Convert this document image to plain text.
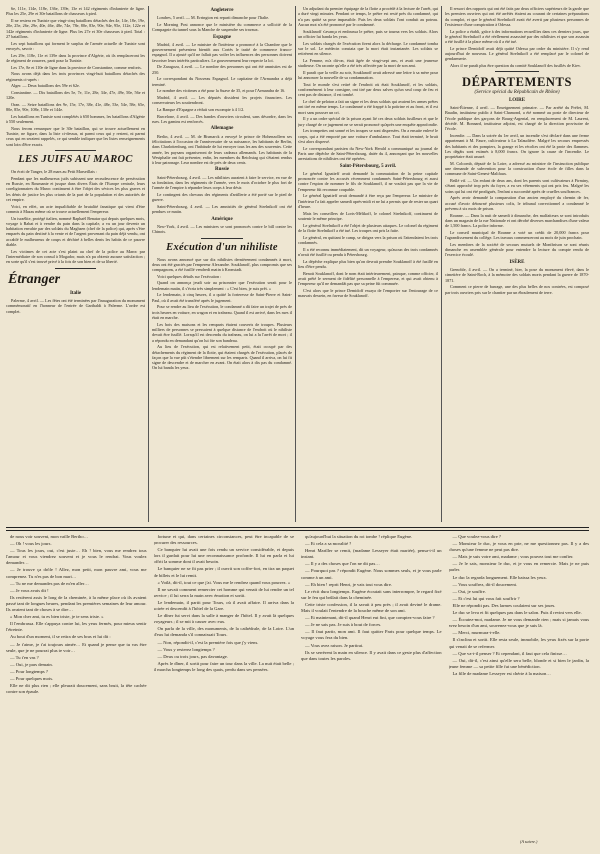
6e, 111e, 114e, 118e, 136e, 139e, 13e et 142 régiments d'infanterie de ligne. Plus les 25e, 29e et 30e bataillons de chasseurs à pied.

Il ne restera en Tunisie que vingt-cinq bataillons détachés des 4e, 14e, 18e, 19e, 20e, 25e, 26e, 29e, 40e, 46e, 48e, 74e, 78e, 80e, 83e, 90e, 94e, 95e, 112e, 122e et 142e régiments d'infanterie de ligne. Plus les 27e et 30e chasseurs à pied. Total : 27 bataillons.

Les sept bataillons qui forment le surplus de l'armée actuelle de Tunisie sont envoyés, savoir :

Les 29e, 118e, 11e et 139e dans la province d'Algérie, où ils remplaceront les 4e régiment de zouaves, parti pour la Tunisie.

Les 17e, 8e et 110e de ligne dans la province de Constantine, comme renforts.

Nous avons déjà dans les trois provinces vingt-huit bataillons détachés des régiments ci-après :

Alger. — Deux bataillons des 59e et 62e.

Constantine. — Dix bataillons des 5e, 7e, 11e, 28e, 34e, 47e, 49e, 50e, 56e et 120e.

Oran. — Seize bataillons des 9e, 15e, 17e, 38e, 41e, 48e, 53e, 54e, 58e, 65e, 80e, 85e, 90e, 108e, 130e et 144e.

Les bataillons en Tunisie sont complétés à 650 hommes, les bataillons d'Algérie à 550 seulement.

Nous ferons remarquer que le 30e bataillon, qui se trouve actuellement en Tunisie, ne figure, dans la liste ci-dessus, ni parmi ceux qui y restent, ni parmi ceux qui en seraient rappelés, ce qui semble indiquer que les listes renseignements sont loin d'être exacts.

LES JUIFS AU MAROC

On écrit de Tanger, le 28 mars au Petit Marseillais :

Pendant que les malheureux juifs subissent une recrudescence de persécution en Russie, en Roumanie et jusque dans divers États de l'Europe centrale, leurs coreligionnaires du Maroc continuent à être l'objet des sévices les plus graves et les dénis de justice les plus criants de la part de la population et des autorités de cet empire.

Voici, en effet, un acte inqualifiable de brutalité fanatique qui vient d'être commis à Mazas même où se trouve actuellement l'empereur.

Un israélite, protégé italien, nommé Raphaël Benatar qui depuis quelques mois, voyage à Rabat et à vendre du pain dans la capitale, a vu un jour devenir un habitation envahie par des soldats du Maghzen (chef de la police) qui, après s'être emparés du pain destiné à la vente et de l'argent provenant du pain déjà vendu, ont accablé le malheureux de coups et déchiré à belles dents les habits de ce pauvre diable.

Les victimes de cet acte s'est plaint au chef de la police au Maroc par l'intermédiaire de son consul à Mogador, mais n'a pu obtenir aucune satisfaction ; en sorte qu'il s'est trouvé privé à la fois de son bien et de sa liberté.

Étranger
Italie

Palerme, 4 avril. — Les fêtes ont été terminées par l'inauguration du monument commémoratif en l'honneur de l'entrée de Garibaldi à Palerme. L'ordre est complet.

Angleterre

Londres, 5 avril. — M. Errington est reparti dimanche pour l'Italie.

Le Morning Post annonce que le ministère du commerce a sollicité de la Compagnie du tunnel sous la Manche de suspendre ses travaux.

Espagne

Madrid, 4 avril. — Le ministre de l'intérieur a prononcé à la Chambre que le gouvernement présentera bientôt aux Cortès le traité de commerce franco-espagnol. Il a ajouté qu'il ne fallait pas voiler les influences des personnes doivent favoriser leurs intérêts particuliers. Le gouvernement leur respecte la loi.

De Zaragoza, 4 avril. — Le nombre des personnes qui ont été amnisties est de 250.

Le correspondant du Nouveau Espagnol. Le capitaine de l'Armandra a déjà terminé.

Le nombre des victimes a été pour la Suave de 35, et pour l'Armandra de 16.

Madrid, 4 avril. — Les députés dissident les projets financiers. Les conservateurs les soutiendront.

La Banque d'Espagne a réduit son escompte à 4 1/2.

Barcelone, 4 avril. — Des bandes d'ouvriers circulent, sans désordre, dans les rues. Les gamins est renforcés.

Allemagne

Berlin, 4 avril. — M. de Bismarck a envoyé le prince de Hohenzollern ses félicitations à l'occasion de l'anniversaire de sa naissance, les habitants de Berlin, dans Charlottenburg, ont l'habitude de lui envoyer tous les ans des souvenirs. Cette année, les paysans organiseront de leurs cadeaux allemands. Les habitants de la Westphalie ont fait présenter, enfin, les membres du Reichstag qui s'étaient rendus à leur patronage. Leur nombre est de près de deux cents.

Russie

Saint-Pétersbourg, 4 avril. — Les nihilistes auraient à faire le service, en vue de sa fondation, dans les régiments de l'armée, vers le mois d'octobre le plus fort de l'armée de l'empire à répandre leurs corps à leur désir.

Le contingent des chevaux des régiments d'artillerie a été porté sur le pied de guerre.

Saint-Pétersbourg, 4 avril. — Les amnistiés de général Strelnikoff ont été pendues ce matin.

Amérique

New-York, 4 avril. — Les ministres se sont prononcés contre le bill contre les Chinois.

Exécution d'un nihiliste

Nous avons annoncé que sur dix nihilistes dernièrement condamnés à mort, deux ont été graciés par l'empereur Alexandre. Souklanoff, plus compromis que ses compagnons, a été fusillé vendredi matin à Kronstadt.

Voici quelques détails sur l'exécution :

Quand on annonça jeudi soir au prisonnier que l'exécution serait pour le lendemain matin, il s'écria très simplement : « C'est bien, je suis prêt. »

Le lendemain, à cinq heures, il a quitté la forteresse de Saint-Pierre et Saint-Paul, où il avait été transféré après le jugement.

Pour se rendre au lieu de l'exécution, le condamné a dû faire un trajet de près de trois heures en voiture, en wagon et en traîneau. Quand il est arrivé, dans les rues il était en marche.

Les bois des maisons et les remparts étaient couverts de troupes. Plusieurs milliers de personnes se pressaient à quelque distance de l'endroit où le nihiliste devait être fusillé. Lorsqu'il est descendu du traîneau, on lui a lu l'arrêt de mort ; il a répondu en demandant qu'on lui ôte son bandeau.

Au lieu de l'exécution, qui est relativement petit, était occupé par des détachements du régiment de la flotte, qui étaient chargés de l'exécution, placés de façon que la vue pût s'étendre librement sur les remparts. Quand il arriva, on lui fit signe de descendre et de marcher en avant. On était alors à dix pas du condamné. On lui banda les yeux.

Un adjudant du premier équipage de la flotte a procédé à la lecture de l'arrêt, qui a duré vingt minutes. Pendant ce temps, le prêtre est resté près du condamné, qui n'a pas quitté sa pose impassible. Puis les deux soldats l'ont conduit au poteau. Aucun mot n'a été prononcé par le condamné.

Souklanoff s'avança et embrassa le prêtre, puis se tourna vers les soldats. Alors un officier lui banda les yeux.

Les soldats chargés de l'exécution firent alors la décharge. Le condamné tomba sur le sol. Le médecin constata que la mort était instantanée. Les soldats se retirèrent en silence.

La Femme, m'a dit-on, était âgée de vingt-sept ans, et avait une jeunesse studieuse. On raconte qu'elle a été très affectée par la mort de son ami.

Il paraît que la veille au soir, Souklanoff avait adressé une lettre à sa mère pour lui annoncer la nouvelle de sa condamnation.

Tout le monde s'est retiré de l'endroit où était Souklanoff, et les soldats, conformément à leur consigne, ont tiré par deux salves qu'un seul coup de feu et cent pas de distance, il est tombé.

Le chef de peloton a fait un signe et les deux soldats qui avaient les armes prêtes ont tiré en même temps. Le condamné a été frappé à la poitrine et au front, et il est mort sans pousser un cri.

Il y a un ordre spécial de la prison ayant lié ces deux soldats fusilleurs et que le jury chargé de ce jugement ne se serait prononcé qu'après une enquête approfondie.

Les trompettes ont sonné et les troupes se sont dispersées. On a ensuite enlevé le corps, qui a été emporté par une voiture d'ambulance. Tout était terminé, le bruit s'est alors dispersé.

Le correspondant parisien du New-York Herald a communiqué au journal de Paris une dépêche de Saint-Pétersbourg, datée du 4, annonçant que les nouvelles arrestations de nihilistes ont été opérées.

Saint-Pétersbourg, 5 avril.

Le général Ignatieff avait demandé la commutation de la peine capitale prononcée contre les accusés récemment condamnés Saint-Pétersbourg et aussi contre l'espion de nommer le fils de Souklanoff, il ne voulait pas que la vie de l'empereur fût reconnue coupable.

Le général Ignatieff avait demandé à être reçu par l'empereur. Le ministre de l'intérieur l'a fait appeler samedi après-midi et ne lui a permis que de rester un quart d'heure.

Mais les conseillers de Loris-Mélikoff, le colonel Strelnikoff, continuent de soutenir le même principe.

Le général Strelnikoff a été l'objet de plusieurs attaques. Le colonel du régiment de la flotte Strelnikoff a été tué. Les troupes ont pris la fuite.

Le général, en quittant le camp, se dirigea vers la prison où l'attendaient les trois condamnés.

Il a été reconnu immédiatement, dit un voyageur, qu'aucun des trois condamnés n'avait été fusillé ou pendu à Pétersbourg.

La dépêche explique plus bien qu'on devrait prendre Souklanoff à été fusillé en lieu d'être pendu.

Benoit Souklanoff, dont le nom était intérieurement, psinque, comme officier, il avait prêté le serment de fidélité personnelle à l'empereur, et qui avait obtenu à l'empereur qu'il ne demandât pas que sa peine fût commuée.

C'est alors que le prince Demidoff essaya de l'emporter sur l'entourage de ce mauvais dessein, en faveur de Souklanoff.

Il ressort des rapports qui ont été faits par deux officiers supérieurs de la garde que les premiers ouvriers qui ont été arrêtés étaient au courant de certaines préparations du complot, et que le général Strelnikoff avait été averti par plusieurs personnes de l'existence d'une conspiration à Odessa.

La police a établi, grâce à des informations recueillies dans ces derniers jours, que le général Strelnikoff a été réellement assassiné par des nihilistes et que son assassin a été fusillé à la place même où il a été tué.

Le prince Demidoff avait déjà quitté Odessa par ordre du ministère. Il s'y rend aujourd'hui de nouveau. Le général Strelnikoff a été remplacé par le colonel de gendarmerie.

Alors il ne paraît plus être question du comité Souklanoff des fusillés de Kiev.

DÉPARTEMENTS
(Service spécial du Républicain de Rhône)
LOIRE

Saint-Étienne, 4 avril. — Enseignement primaire. — Par arrêté du Préfet, M. Baudin, instituteur public à Saint-Chamond, a été nommé au poste de directeur de l'école publique des garçons de Bourg-Argental, en remplacement de M. Laurent, décédé. M. Bonnard, instituteur adjoint, est chargé de la direction provisoire de l'école.

Incendie. — Dans la soirée du 1er avril, un incendie s'est déclaré dans une ferme appartenant à M. Faure, cultivateur à La Talaudière. Malgré les secours empressés des habitants et des pompiers, la grange et les récoltes ont été la proie des flammes. Les dégâts sont estimés à 8,000 francs. On ignore la cause de l'incendie. Le propriétaire était assuré.

M. Colcomb, député de la Loire, a adressé au ministre de l'instruction publique une demande de subvention pour la construction d'une école de filles dans la commune de Saint-Genest-Malifaux.

Brûlé vif. — Un enfant de deux ans, dont les parents sont cultivateurs à Firminy, s'étant approché trop près du foyer, a eu ses vêtements qui ont pris feu. Malgré les soins qui lui ont été prodigués, l'enfant a succombé après de cruelles souffrances.

Après avoir demandé la comparution d'un ancien employé du chemin de fer, accusé d'avoir détourné plusieurs colis, le tribunal correctionnel a condamné le prévenu à six mois de prison.

Roanne. — Dans la nuit de samedi à dimanche, des malfaiteurs se sont introduits dans un magasin de la rue Nationale et ont dérobé diverses marchandises d'une valeur de 1,500 francs. La police informe.

Le conseil municipal de Roanne a voté un crédit de 20,000 francs pour l'agrandissement du collège. Les travaux commenceront au mois de juin prochain.

Les membres de la société de secours mutuels de Montbrison se sont réunis dimanche en assemblée générale pour entendre la lecture du compte rendu de l'exercice écoulé.

ISÈRE

Grenoble, 4 avril. — On a terminé, hier, la pose du monument élevé, dans le cimetière de Saint-Roch, à la mémoire des soldats morts pendant la guerre de 1870-1871.

Comment ce pierre de barrage, une des plus belles de nos contrées, est composé par trois ouvriers pris sur le chantier par un éboulement de terre.

de nous voir souvent, mon vaille Bertho…

— Oh ! vous les jours.

— Tous les jours, oui, c'est juste… Eh ! bien, vous me rendrez tous l'amour et vous viendrez souvent et je vous le rendrai. Vous voulez demander…

— Je trouve ça drôle ! Allez, mon petit, mon pauvre ami, vous me comprenez. Tu n'es pas de bon mari…

— Tu ne me demandes pas de m'en aller…

— Je vous avais dit !

Ils restèrent assis le long de la cheminée, à la même place où ils avaient passé tant de longues heures, pendant les premières semaines de leur amour. Ils avaient tant de choses à se dire…

« Mon cher ami, tu es bien triste, je te sens triste. »

Il l'embrassa. Elle s'appuya contre lui, les yeux fermés, pour mieux sentir l'étreinte.

Au bout d'un moment, il se retira de ses bras et lui dit :

— Je t'aime, je t'ai toujours aimée… Et quand je pense que tu vas être seule, que je ne pourrai plus te voir…

— Tu t'en vas ?

— Oui, je pars demain.

— Pour longtemps ?

— Pour quelques mois.

Elle ne dit plus rien ; elle pleurait doucement, sans bruit, la tête cachée contre son épaule.

fortune et qui, dans certaines circonstances, peut être incapable de se procurer des ressources.

Ce banquier lui avait une fois rendu un service considérable, et depuis lors il gardait pour lui une reconnaissance profonde. Il lui en parla et lui offrit la somme dont il avait besoin.

Le banquier ne se fit pas prier ; il ouvrit son coffre-fort, en tira un paquet de billets et le lui remit.

« Voilà, dit-il, tout ce que j'ai. Vous me le rendrez quand vous pourrez. »

Il ne savait comment remercier cet homme qui venait de lui rendre un tel service ; il lui serra la main avec émotion et sortit.

Le lendemain, il partit pour Tours, où il avait affaire. Il arriva dans la soirée et descendit à l'hôtel de la Gare.

Le dîner fut servi dans la salle à manger de l'hôtel. Il y avait là quelques voyageurs ; il se mit à causer avec eux.

On parla de la ville, des monuments, de la cathédrale, de la Loire. L'un d'eux lui demanda s'il connaissait Tours.

— Non, répondit-il, c'est la première fois que j'y viens.

— Vous y resterez longtemps ?

— Deux ou trois jours, pas davantage.

Après le dîner, il sortit pour faire un tour dans la ville. La nuit était belle ; il marcha longtemps le long des quais, perdu dans ses pensées.

qu'aujourd'hui la situation du roi tombe ! réplique Eugène.

— Et cela a sa moralité ?

Henri Mariller se remit, (madame Lesseyer était mariée), pensa-t-il un instant.

— Il y a des choses que l'on ne dit pas…

— Pourquoi pas ? répondit Eugène. Nous sommes seuls, et je vous parle comme à un ami.

— Eh bien ! reprit Henri, je vais tout vous dire.

Le récit dura longtemps. Eugène écoutait sans interrompre, le regard fixé sur le feu qui brûlait dans la cheminée.

Cette triste confession, il la savait à peu près ; il avait deviné le drame. Mais il voulait l'entendre de la bouche même de son ami.

— Et maintenant, dit-il quand Henri eut fini, que comptez-vous faire ?

— Je ne sais pas. Je suis à bout de forces.

— Il faut partir, mon ami. Il faut quitter Paris pour quelque temps. Le voyage vous fera du bien.

— Vous avez raison. Je partirai.

Ils se serrèrent la main en silence. Il y avait dans ce geste plus d'affection que dans toutes les paroles.

— Que voulez-vous dire ?

— Monsieur le duc, je vous en prie, ne me questionnez pas. Il y a des choses qu'une femme ne peut pas dire.

— Mais je suis votre ami, madame ; vous pouvez tout me confier.

— Je le sais, monsieur le duc, et je vous en remercie. Mais je ne puis parler.

Le duc la regarda longuement. Elle baissa les yeux.

— Vous souffrez, dit-il doucement.

— Oui, je souffre.

— Et c'est lui qui vous fait souffrir ?

Elle ne répondit pas. Des larmes coulaient sur ses joues.

Le duc se leva et fit quelques pas dans le salon. Puis il revint vers elle.

— Écoutez-moi, madame. Je ne vous demande rien ; mais si jamais vous avez besoin d'un ami, souvenez-vous que je suis là.

— Merci, murmura-t-elle.

Il s'inclina et sortit. Elle resta seule, immobile, les yeux fixés sur la porte qui venait de se refermer.

— Que va-t-il penser ? Et cependant, il faut que cela finisse…

— Oui, dit-il, c'est ainsi qu'elle sera belle, blonde et si bien le jardin, la jeune femme — sa petite fille fut une bénédiction.

La fille de madame Lesseyer est chérie à la maison…

(A suivre.)
